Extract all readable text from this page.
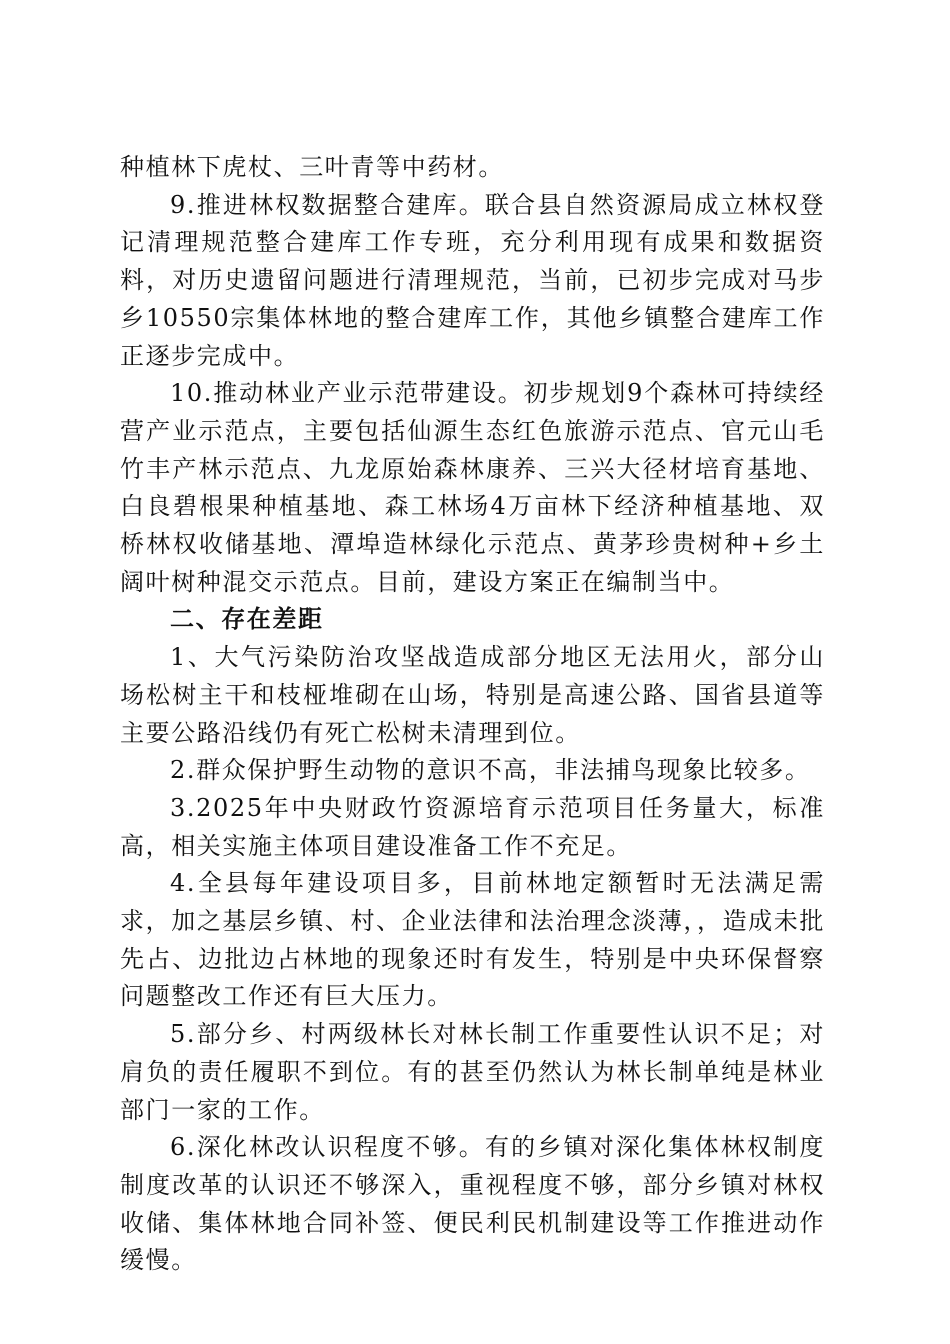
种植林下虎杖、三叶青等中药材。

9.推进林权数据整合建库。联合县自然资源局成立林权登记清理规范整合建库工作专班，充分利用现有成果和数据资料，对历史遗留问题进行清理规范，当前，已初步完成对马步乡10550宗集体林地的整合建库工作，其他乡镇整合建库工作正逐步完成中。

10.推动林业产业示范带建设。初步规划9个森林可持续经营产业示范点，主要包括仙源生态红色旅游示范点、官元山毛竹丰产林示范点、九龙原始森林康养、三兴大径材培育基地、白良碧根果种植基地、森工林场4万亩林下经济种植基地、双桥林权收储基地、潭埠造林绿化示范点、黄茅珍贵树种+乡土阔叶树种混交示范点。目前，建设方案正在编制当中。

二、存在差距

1、大气污染防治攻坚战造成部分地区无法用火，部分山场松树主干和枝桠堆砌在山场，特别是高速公路、国省县道等主要公路沿线仍有死亡松树未清理到位。

2.群众保护野生动物的意识不高，非法捕鸟现象比较多。

3.2025年中央财政竹资源培育示范项目任务量大，标准高，相关实施主体项目建设准备工作不充足。

4.全县每年建设项目多，目前林地定额暂时无法满足需求，加之基层乡镇、村、企业法律和法治理念淡薄，，造成未批先占、边批边占林地的现象还时有发生，特别是中央环保督察问题整改工作还有巨大压力。

5.部分乡、村两级林长对林长制工作重要性认识不足；对肩负的责任履职不到位。有的甚至仍然认为林长制单纯是林业部门一家的工作。

6.深化林改认识程度不够。有的乡镇对深化集体林权制度制度改革的认识还不够深入，重视程度不够，部分乡镇对林权收储、集体林地合同补签、便民利民机制建设等工作推进动作缓慢。
